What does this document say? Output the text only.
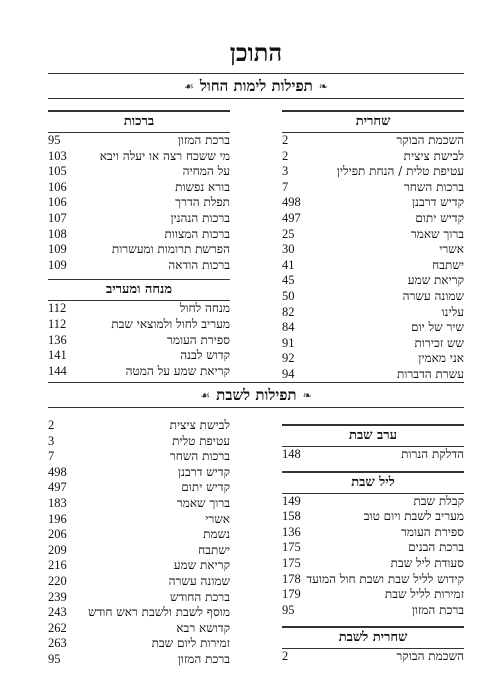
התוכן
❧
תפילות לימות החול
☙
שחרית
השכמת הבוקר
2
לבישת ציצית
2
עטיפת טלית / הנחת תפילין
3
ברכות השחר
7
קדיש דרבנן
498
קדיש יתום
497
ברוך שאמר
25
אשרי
30
ישתבח
41
קריאת שמע
45
שמונה עשרה
50
עלינו
82
שיר של יום
84
שש זכירות
91
אני מאמין
92
עשרת הדברות
94
ברכות
ברכת המזון
95
מי ששכח רצה או יעלה ויבא
103
על המחיה
105
בורא נפשות
106
תפלת הדרך
106
ברכות הנהנין
107
ברכות המצוות
108
הפרשת תרומות ומעשרות
109
ברכות הודאה
109
מנחה ומעריב
מנחה לחול
112
מעריב לחול ולמוצאי שבת
112
ספירת העומר
136
קדוש לבנה
141
קריאת שמע על המטה
144
❧
תפילות לשבת
☙
ערב שבת
הדלקת הנרות
148
ליל שבת
קבלת שבת
149
מעריב לשבת ויום טוב
158
ספירת העומר
136
ברכת הבנים
175
סעודת ליל שבת
175
קידוש לליל שבת ושבת חול המועד
178
זמירות לליל שבת
179
ברכת המזון
95
שחרית לשבת
השכמת הבוקר
2
לבישת ציצית
2
עטיפת טלית
3
ברכות השחר
7
קדיש דרבנן
498
קדיש יתום
497
ברוך שאמר
183
אשרי
196
נשמת
206
ישתבח
209
קריאת שמע
216
שמונה עשרה
220
ברכת החודש
239
מוסף לשבת ולשבת ראש חודש
243
קדושא רבא
262
זמירות ליום שבת
263
ברכת המזון
95
